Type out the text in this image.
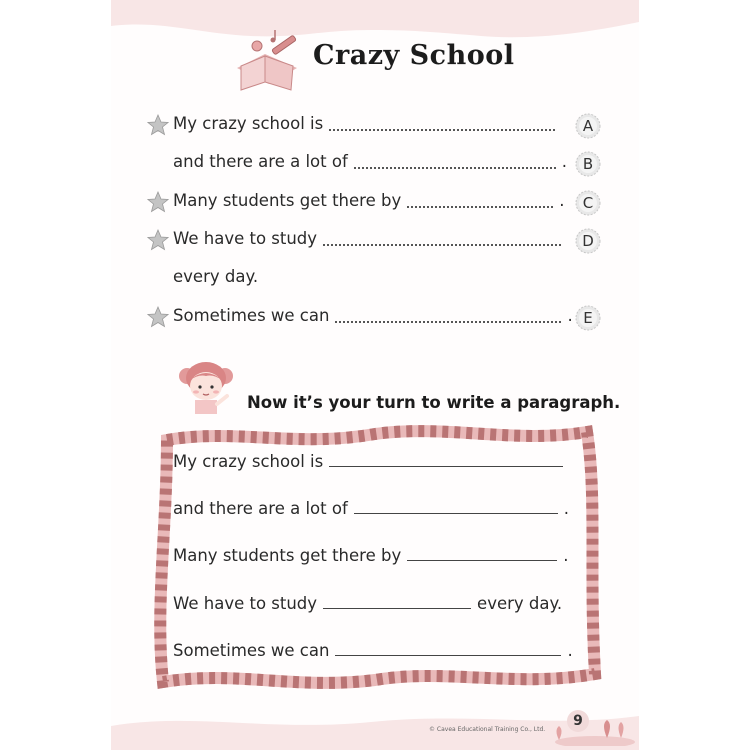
Crazy School
My crazy school is	A
and there are a lot of	.	B
Many students get there by	.	C
We have to study	D
every day.
Sometimes we can	. E
Now it’s your turn to write a paragraph.
My crazy school is
and there are a lot of	.
Many students get there by	.
We have to study	every day.
Sometimes we can	.
© Cavea Educational Training Co., Ltd.
9
